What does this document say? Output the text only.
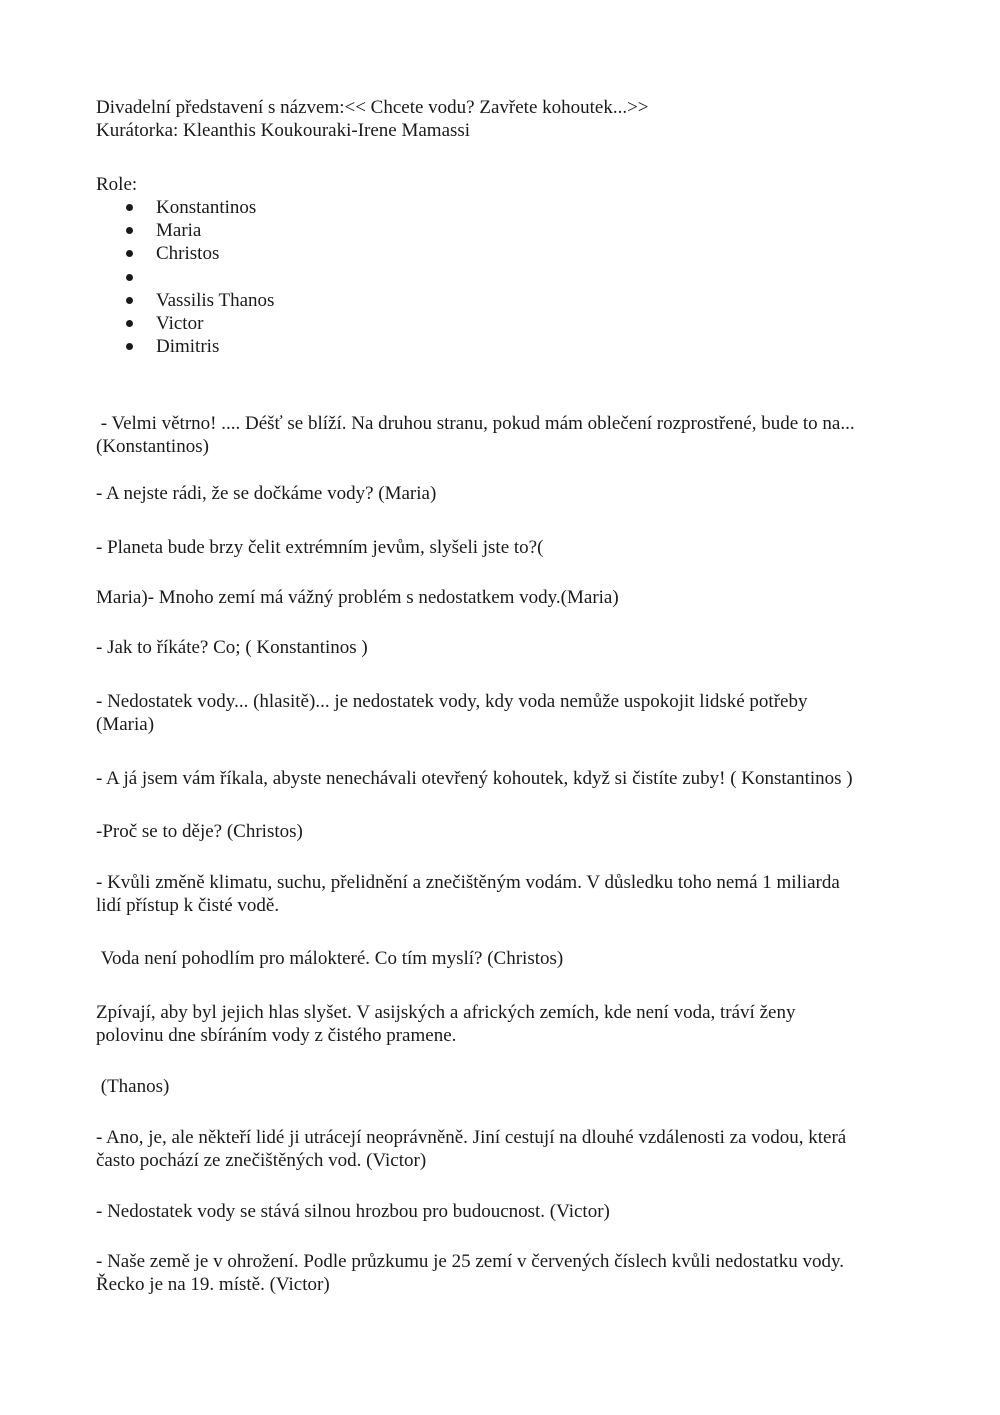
Divadelní představení s názvem:<< Chcete vodu? Zavřete kohoutek...>>
Kurátorka: Kleanthis Koukouraki-Irene Mamassi
Role:
Konstantinos
Maria
Christos
Vassilis Thanos
Victor
Dimitris
- Velmi větrno! .... Déšť se blíží. Na druhou stranu, pokud mám oblečení rozprostřené, bude to na...
(Konstantinos)
- A nejste rádi, že se dočkáme vody? (Maria)
- Planeta bude brzy čelit extrémním jevům, slyšeli jste to?(
Maria)- Mnoho zemí má vážný problém s nedostatkem vody.(Maria)
- Jak to říkáte? Co; ( Konstantinos )
- Nedostatek vody... (hlasitě)... je nedostatek vody, kdy voda nemůže uspokojit lidské potřeby
(Maria)
- A já jsem vám říkala, abyste nenechávali otevřený kohoutek, když si čistíte zuby! ( Konstantinos )
-Proč se to děje? (Christos)
- Kvůli změně klimatu, suchu, přelidnění a znečištěným vodám. V důsledku toho nemá 1 miliarda
lidí přístup k čisté vodě.
Voda není pohodlím pro málokteré. Co tím myslí? (Christos)
Zpívají, aby byl jejich hlas slyšet. V asijských a afrických zemích, kde není voda, tráví ženy
polovinu dne sbíráním vody z čistého pramene.
(Thanos)
- Ano, je, ale někteří lidé ji utrácejí neoprávněně. Jiní cestují na dlouhé vzdálenosti za vodou, která
často pochází ze znečištěných vod. (Victor)
- Nedostatek vody se stává silnou hrozbou pro budoucnost. (Victor)
- Naše země je v ohrožení. Podle průzkumu je 25 zemí v červených číslech kvůli nedostatku vody.
Řecko je na 19. místě. (Victor)
